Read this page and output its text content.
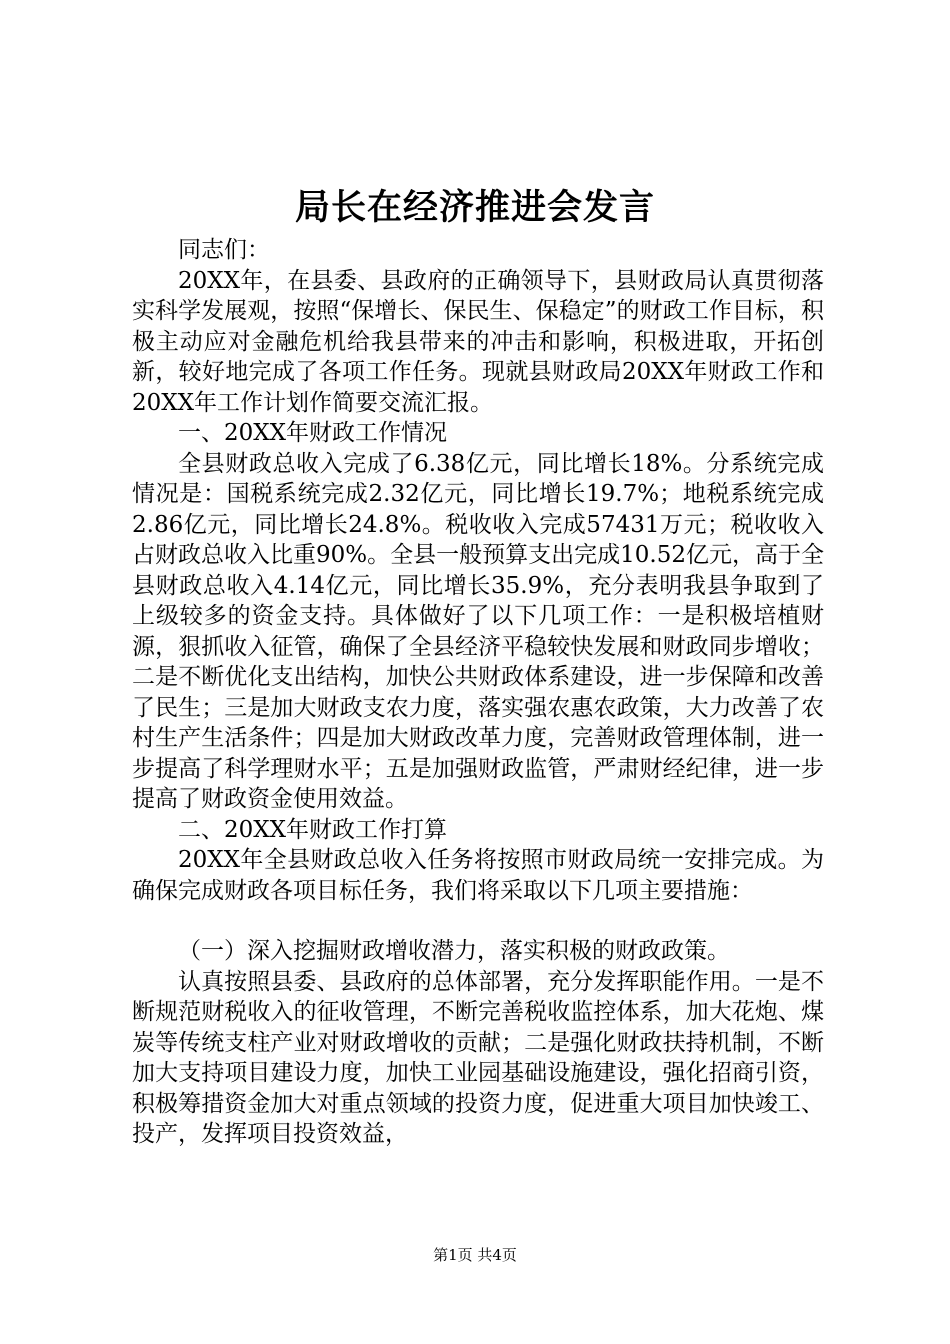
局长在经济推进会发言

同志们：

20XX年，在县委、县政府的正确领导下，县财政局认真贯彻落实科学发展观，按照“保增长、保民生、保稳定”的财政工作目标，积极主动应对金融危机给我县带来的冲击和影响，积极进取，开拓创新，较好地完成了各项工作任务。现就县财政局20XX年财政工作和20XX年工作计划作简要交流汇报。

一、20XX年财政工作情况

全县财政总收入完成了6.38亿元，同比增长18%。分系统完成情况是：国税系统完成2.32亿元，同比增长19.7%；地税系统完成2.86亿元，同比增长24.8%。税收收入完成57431万元；税收收入占财政总收入比重90%。全县一般预算支出完成10.52亿元，高于全县财政总收入4.14亿元，同比增长35.9%，充分表明我县争取到了上级较多的资金支持。具体做好了以下几项工作：一是积极培植财源，狠抓收入征管，确保了全县经济平稳较快发展和财政同步增收；二是不断优化支出结构，加快公共财政体系建设，进一步保障和改善了民生；三是加大财政支农力度，落实强农惠农政策，大力改善了农村生产生活条件；四是加大财政改革力度，完善财政管理体制，进一步提高了科学理财水平；五是加强财政监管，严肃财经纪律，进一步提高了财政资金使用效益。

二、20XX年财政工作打算

20XX年全县财政总收入任务将按照市财政局统一安排完成。为确保完成财政各项目标任务，我们将采取以下几项主要措施：

（一）深入挖掘财政增收潜力，落实积极的财政政策。

认真按照县委、县政府的总体部署，充分发挥职能作用。一是不断规范财税收入的征收管理，不断完善税收监控体系，加大花炮、煤炭等传统支柱产业对财政增收的贡献；二是强化财政扶持机制，不断加大支持项目建设力度，加快工业园基础设施建设，强化招商引资，积极筹措资金加大对重点领域的投资力度，促进重大项目加快竣工、投产，发挥项目投资效益，

第1页 共4页
